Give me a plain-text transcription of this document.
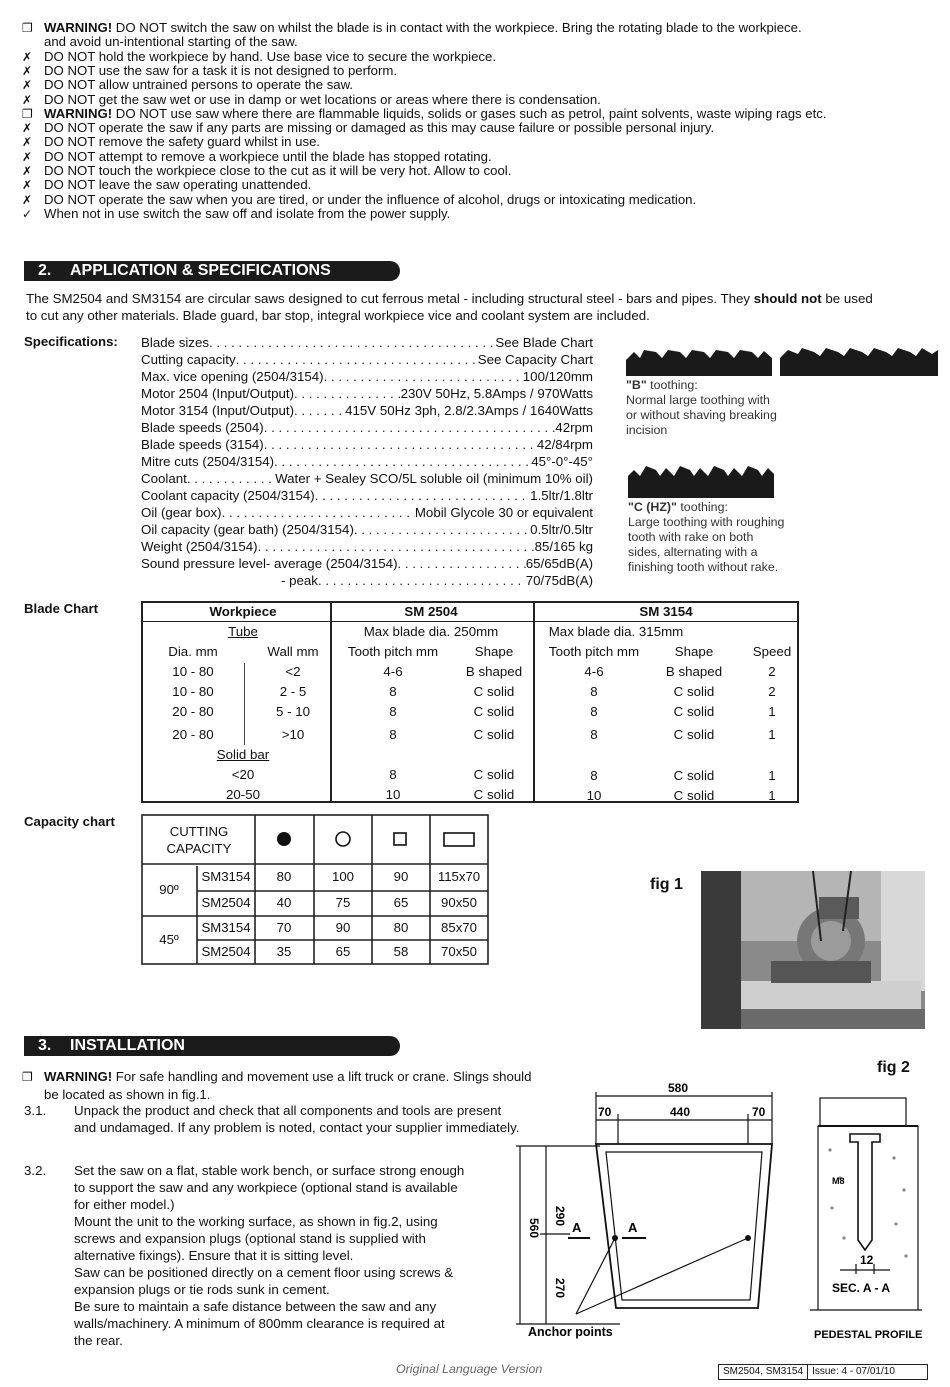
❐ WARNING! DO NOT switch the saw on whilst the blade is in contact with the workpiece. Bring the rotating blade to the workpiece.
and avoid un-intentional starting of the saw.
✗ DO NOT hold the workpiece by hand. Use base vice to secure the workpiece.
✗ DO NOT use the saw for a task it is not designed to perform.
✗ DO NOT allow untrained persons to operate the saw.
✗ DO NOT get the saw wet or use in damp or wet locations or areas where there is condensation.
❐ WARNING! DO NOT use saw where there are flammable liquids, solids or gases such as petrol, paint solvents, waste wiping rags etc.
✗ DO NOT operate the saw if any parts are missing or damaged as this may cause failure or possible personal injury.
✗ DO NOT remove the safety guard whilst in use.
✗ DO NOT attempt to remove a workpiece until the blade has stopped rotating.
✗ DO NOT touch the workpiece close to the cut as it will be very hot. Allow to cool.
✗ DO NOT leave the saw operating unattended.
✗ DO NOT operate the saw when you are tired, or under the influence of alcohol, drugs or intoxicating medication.
✓ When not in use switch the saw off and isolate from the power supply.
2. APPLICATION & SPECIFICATIONS
The SM2504 and SM3154 are circular saws designed to cut ferrous metal - including structural steel - bars and pipes. They should not be used
to cut any other materials. Blade guard, bar stop, integral workpiece vice and coolant system are included.
Specifications: Blade sizes . . .	See Blade Chart
Cutting capacity . . .	See Capacity Chart
Max. vice opening (2504/3154) . . .	100/120mm
Motor 2504 (Input/Output) . . .	230V 50Hz, 5.8Amps / 970Watts
Motor 3154 (Input/Output) . . .	415V 50Hz 3ph, 2.8/2.3Amps / 1640Watts
Blade speeds (2504) . . .	42rpm
Blade speeds (3154) . . .	42/84rpm
Mitre cuts (2504/3154) . . .	45°-0°-45°
Coolant . . .	Water + Sealey SCO/5L soluble oil (minimum 10% oil)
Coolant capacity (2504/3154) . . .	1.5ltr/1.8ltr
Oil (gear box) . . .	Mobil Glycole 30 or equivalent
Oil capacity (gear bath) (2504/3154) . . .	0.5ltr/0.5ltr
Weight (2504/3154) . . .	85/165 kg
Sound pressure level- average (2504/3154) . . .	65/65dB(A)
- peak . . .	70/75dB(A)
"B" toothing:
Normal large toothing with
or without shaving breaking
incision
"C (HZ)" toothing:
Large toothing with roughing
tooth with rake on both
sides, alternating with a
finishing tooth without rake.
Blade Chart	Workpiece	SM 2504	SM 3154
Tube	Max blade dia. 250mm	Max blade dia. 315mm
Dia. mm	Wall mm	Tooth pitch mm	Shape	Tooth pitch mm	Shape	Speed
10 - 80	<2	4-6	B shaped	4-6	B shaped	2
10 - 80	2 - 5	8	C solid	8	C solid	2
20 - 80	5 - 10	8	C solid	8	C solid	1
20 - 80	>10	8	C solid	8	C solid	1
Solid bar
<20	8	C solid	8	C solid	1
20-50	10	C solid	10	C solid	1
Capacity chart
CUTTING
CAPACITY
90º
SM3154	80	100	90	115x70
SM2504	40	75	65	90x50
45º
SM3154	70	90	80	85x70
SM2504	35	65	58	70x50
fig 1
3. INSTALLATION
❐ WARNING! For safe handling and movement use a lift truck or crane. Slings should
be located as shown in fig.1.
3.1. Unpack the product and check that all components and tools are present
and undamaged. If any problem is noted, contact your supplier immediately.
3.2. Set the saw on a flat, stable work bench, or surface strong enough
to support the saw and any workpiece (optional stand is available
for either model.)
Mount the unit to the working surface, as shown in fig.2, using
screws and expansion plugs (optional stand is supplied with
alternative fixings). Ensure that it is sitting level.
Saw can be positioned directly on a cement floor using screws &
expansion plugs or tie rods sunk in cement.
Be sure to maintain a safe distance between the saw and any
walls/machinery. A minimum of 800mm clearance is required at
the rear.
fig 2
580
70	440	70
290
270
560 A	A
Anchor points
M8
12
SEC. A - A
PEDESTAL PROFILE
Original Language Version	SM2504, SM3154 Issue: 4 - 07/01/10
